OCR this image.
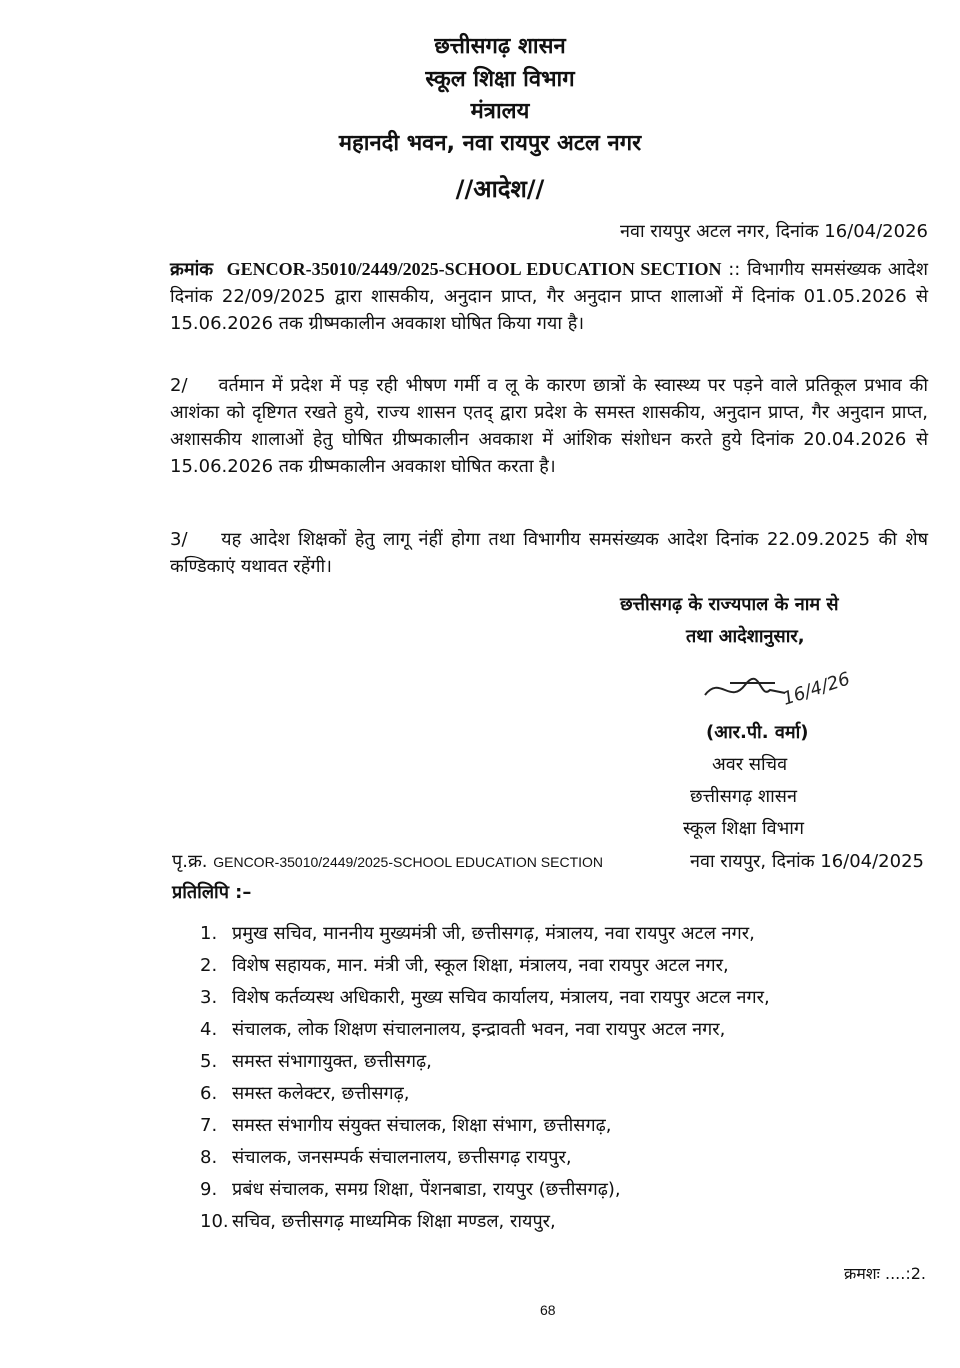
छत्तीसगढ़ शासन
स्कूल शिक्षा विभाग
मंत्रालय
महानदी भवन, नवा रायपुर अटल नगर
//आदेश//
नवा रायपुर अटल नगर, दिनांक 16/04/2026
क्रमांक GENCOR-35010/2449/2025-SCHOOL EDUCATION SECTION :: विभागीय समसंख्यक आदेश दिनांक 22/09/2025 द्वारा शासकीय, अनुदान प्राप्त, गैर अनुदान प्राप्त शालाओं में दिनांक 01.05.2026 से 15.06.2026 तक ग्रीष्मकालीन अवकाश घोषित किया गया है।
2/    वर्तमान में प्रदेश में पड़ रही भीषण गर्मी व लू के कारण छात्रों के स्वास्थ्य पर पड़ने वाले प्रतिकूल प्रभाव की आशंका को दृष्टिगत रखते हुये, राज्य शासन एतद् द्वारा प्रदेश के समस्त शासकीय, अनुदान प्राप्त, गैर अनुदान प्राप्त, अशासकीय शालाओं हेतु घोषित ग्रीष्मकालीन अवकाश में आंशिक संशोधन करते हुये दिनांक 20.04.2026 से 15.06.2026 तक ग्रीष्मकालीन अवकाश घोषित करता है।
3/    यह आदेश शिक्षकों हेतु लागू नंहीं होगा तथा विभागीय समसंख्यक आदेश दिनांक 22.09.2025 की शेष कण्डिकाएं यथावत रहेंगी।
छत्तीसगढ़ के राज्यपाल के नाम से
तथा आदेशानुसार,
16/4/26
(आर.पी. वर्मा)
अवर सचिव
छत्तीसगढ़ शासन
स्कूल शिक्षा विभाग
पृ.क्र. GENCOR-35010/2449/2025-SCHOOL EDUCATION SECTION	नवा रायपुर, दिनांक 16/04/2025
प्रतिलिपि :–
1. प्रमुख सचिव, माननीय मुख्यमंत्री जी, छत्तीसगढ़, मंत्रालय, नवा रायपुर अटल नगर,
2. विशेष सहायक, मान. मंत्री जी, स्कूल शिक्षा, मंत्रालय, नवा रायपुर अटल नगर,
3. विशेष कर्तव्यस्थ अधिकारी, मुख्य सचिव कार्यालय, मंत्रालय, नवा रायपुर अटल नगर,
4. संचालक, लोक शिक्षण संचालनालय, इन्द्रावती भवन, नवा रायपुर अटल नगर,
5. समस्त संभागायुक्त, छत्तीसगढ़,
6. समस्त कलेक्टर, छत्तीसगढ़,
7. समस्त संभागीय संयुक्त संचालक, शिक्षा संभाग, छत्तीसगढ़,
8. संचालक, जनसम्पर्क संचालनालय, छत्तीसगढ़ रायपुर,
9. प्रबंध संचालक, समग्र शिक्षा, पेंशनबाडा, रायपुर (छत्तीसगढ़),
10. सचिव, छत्तीसगढ़ माध्यमिक शिक्षा मण्डल, रायपुर,
क्रमशः ....:2.
68
